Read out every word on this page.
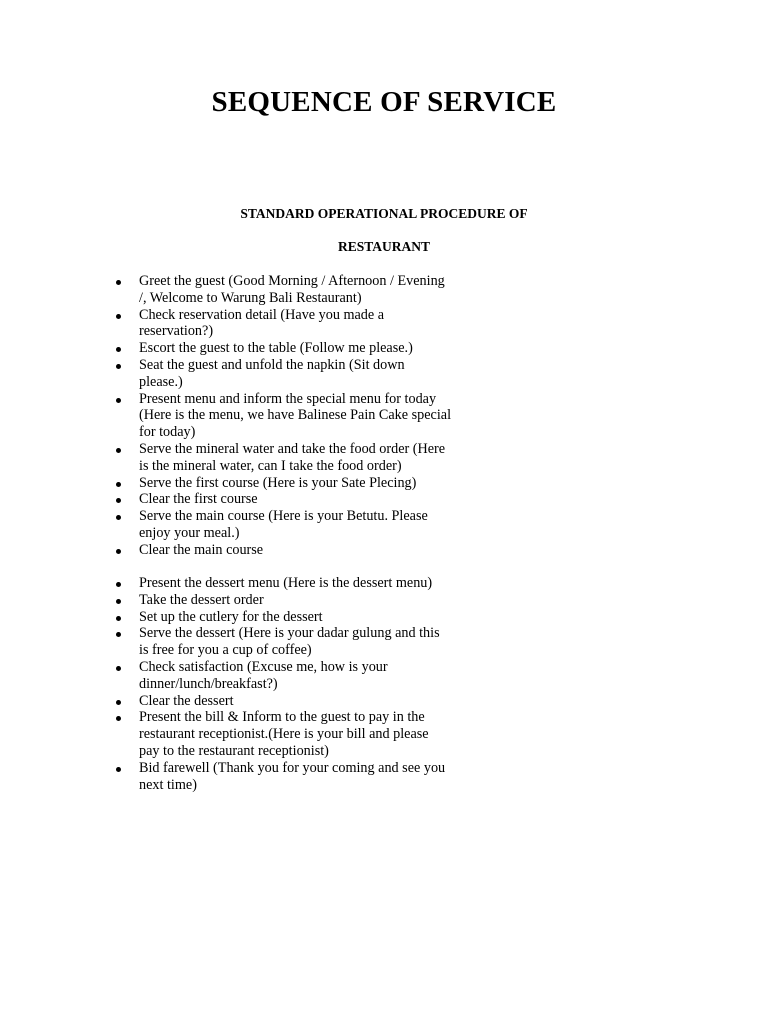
SEQUENCE OF SERVICE

STANDARD OPERATIONAL PROCEDURE OF

RESTAURANT

Greet the guest (Good Morning / Afternoon / Evening
/, Welcome to Warung Bali Restaurant)
Check reservation detail (Have you made a
reservation?)
Escort the guest to the table (Follow me please.)
Seat the guest and unfold the napkin (Sit down
please.)
Present menu and inform the special menu for today
(Here is the menu, we have Balinese Pain Cake special
for today)
Serve the mineral water and take the food order (Here
is the mineral water, can I take the food order)
Serve the first course (Here is your Sate Plecing)
Clear the first course
Serve the main course (Here is your Betutu. Please
enjoy your meal.)
Clear the main course
Present the dessert menu (Here is the dessert menu)
Take the dessert order
Set up the cutlery for the dessert
Serve the dessert (Here is your dadar gulung and this
is free for you a cup of coffee)
Check satisfaction (Excuse me, how is your
dinner/lunch/breakfast?)
Clear the dessert
Present the bill & Inform to the guest to pay in the
restaurant receptionist.(Here is your bill and please
pay to the restaurant receptionist)
Bid farewell (Thank you for your coming and see you
next time)
